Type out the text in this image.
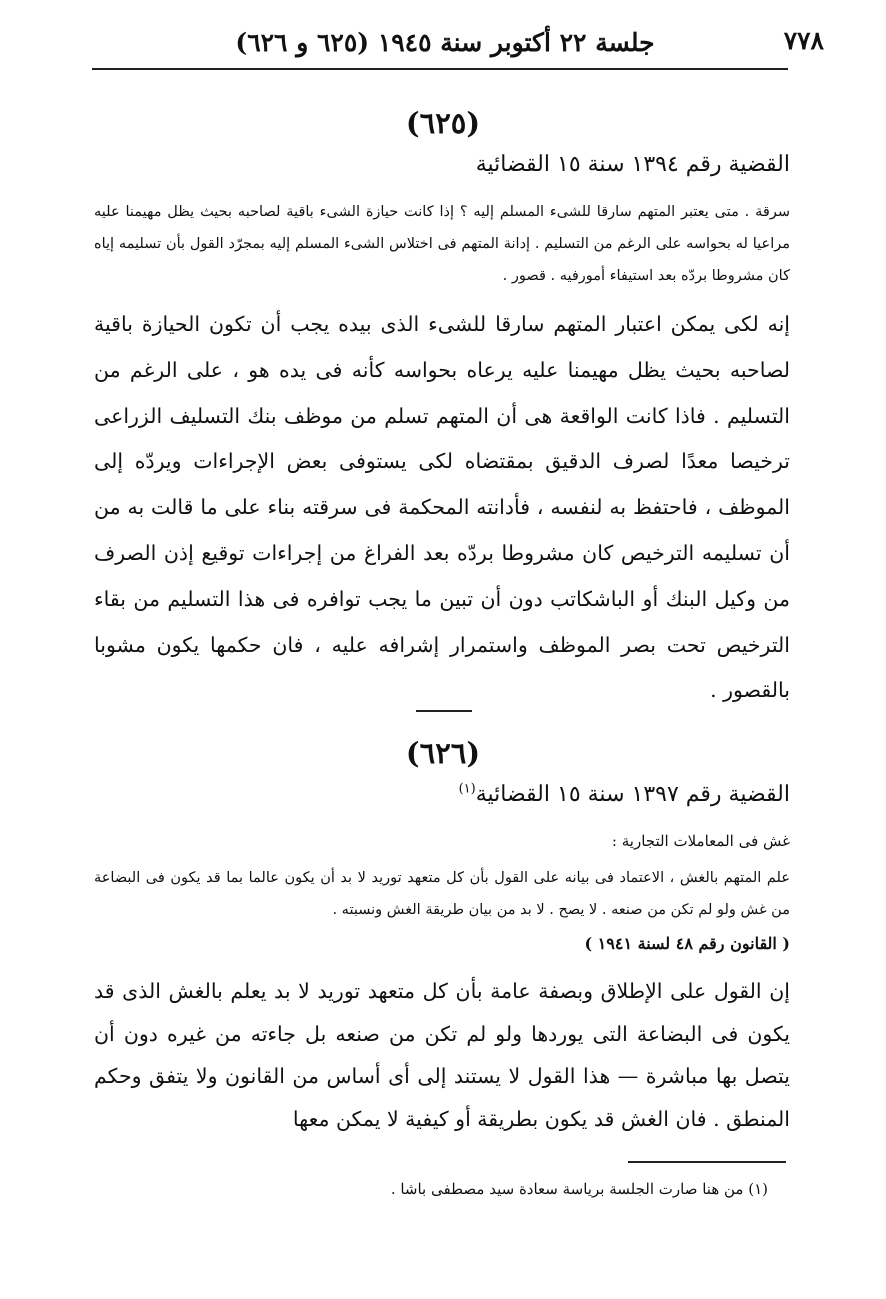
٧٧٨
جلسة ٢٢ أكتوبر سنة ١٩٤٥ (٦٢٥ و ٦٢٦)
(٦٢٥)
القضية رقم ١٣٩٤ سنة ١٥ القضائية
سرقة . متى يعتبر المتهم سارقا للشىء المسلم إليه ؟ إذا كانت حيازة الشىء باقية لصاحبه بحيث يظل مهيمنا عليه مراعيا له بحواسه على الرغم من التسليم . إدانة المتهم فى اختلاس الشىء المسلم إليه بمجرّد القول بأن تسليمه إياه كان مشروطا بردّه بعد استيفاء أمورفيه . قصور .
إنه لكى يمكن اعتبار المتهم سارقا للشىء الذى بيده يجب أن تكون الحيازة باقية لصاحبه بحيث يظل مهيمنا عليه يرعاه بحواسه كأنه فى يده هو ، على الرغم من التسليم . فاذا كانت الواقعة هى أن المتهم تسلم من موظف بنك التسليف الزراعى ترخيصا معدًا لصرف الدقيق بمقتضاه لكى يستوفى بعض الإجراءات ويردّه إلى الموظف ، فاحتفظ به لنفسه ، فأدانته المحكمة فى سرقته بناء على ما قالت به من أن تسليمه الترخيص كان مشروطا بردّه بعد الفراغ من إجراءات توقيع إذن الصرف من وكيل البنك أو الباشكاتب دون أن تبين ما يجب توافره فى هذا التسليم من بقاء الترخيص تحت بصر الموظف واستمرار إشرافه عليه ، فان حكمها يكون مشوبا بالقصور .
(٦٢٦)
القضية رقم ١٣٩٧ سنة ١٥ القضائية$^{(١)}$
غش فى المعاملات التجارية :
علم المتهم بالغش ، الاعتماد فى بيانه على القول بأن كل متعهد توريد لا بد أن يكون عالما بما قد يكون فى البضاعة من غش ولو لم تكن من صنعه . لا يصح . لا بد من بيان طريقة الغش ونسبته .
( القانون رقم ٤٨ لسنة ١٩٤١ )
إن القول على الإطلاق وبصفة عامة بأن كل متعهد توريد لا بد يعلم بالغش الذى قد يكون فى البضاعة التى يوردها ولو لم تكن من صنعه بل جاءته من غيره دون أن يتصل بها مباشرة — هذا القول لا يستند إلى أى أساس من القانون ولا يتفق وحكم المنطق . فان الغش قد يكون بطريقة أو كيفية لا يمكن معها
(١) من هنا صارت الجلسة برياسة سعادة سيد مصطفى باشا .
